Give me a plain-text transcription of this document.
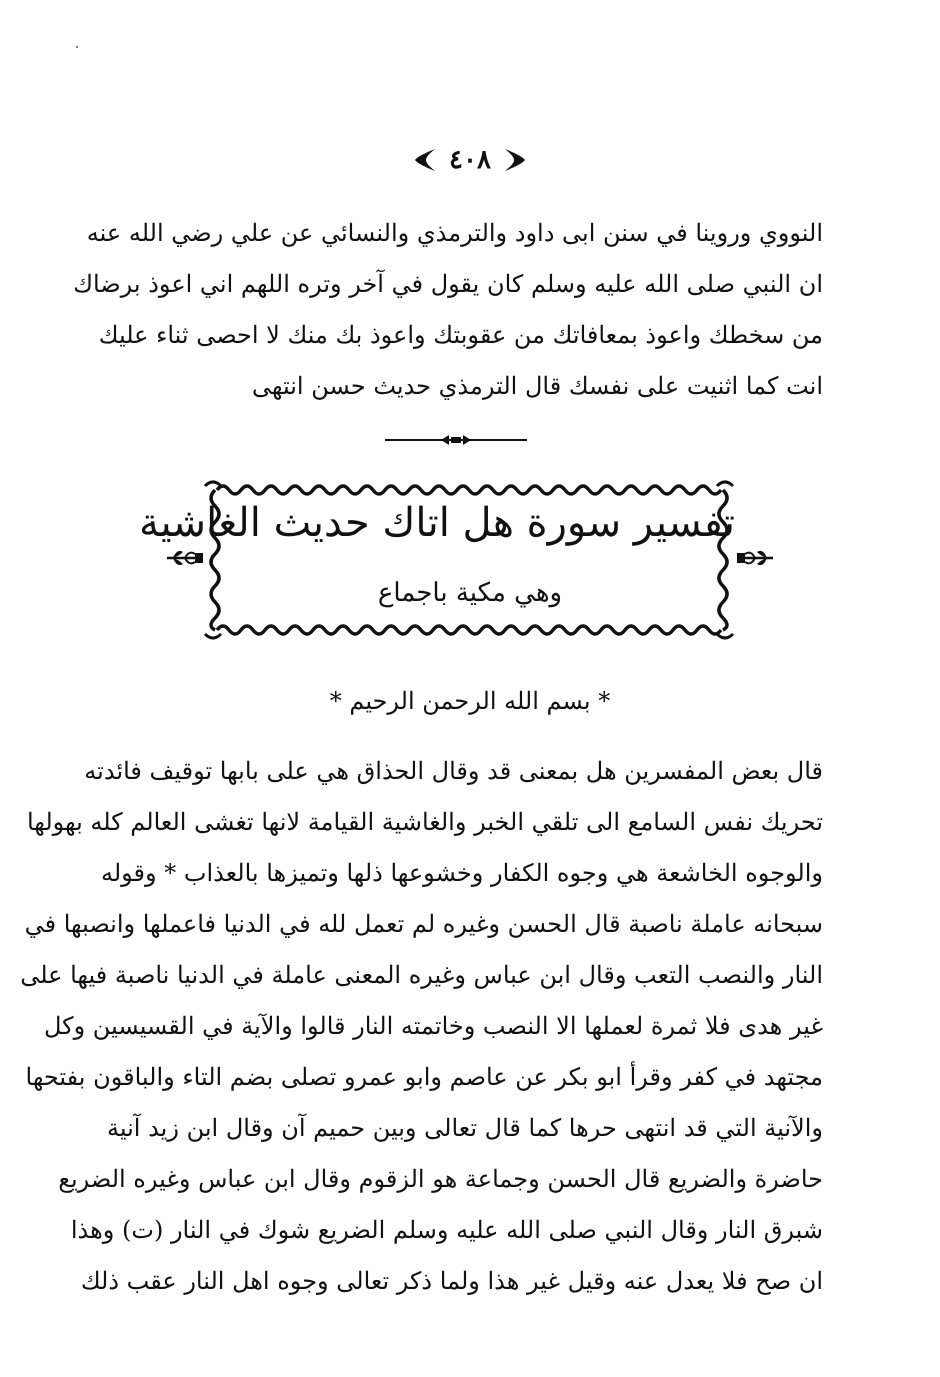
٤٠٨
النووي وروينا في سنن ابى داود والترمذي والنسائي عن علي رضي الله عنه
ان النبي صلى الله عليه وسلم كان يقول في آخر وتره اللهم اني اعوذ برضاك
من سخطك واعوذ بمعافاتك من عقوبتك واعوذ بك منك لا احصى ثناء عليك
انت كما اثنيت على نفسك قال الترمذي حديث حسن انتهى
تفسير سورة هل اتاك حديث الغاشية
وهي مكية باجماع
* بسم الله الرحمن الرحيم *
قال بعض المفسرين هل بمعنى قد وقال الحذاق هي على بابها توقيف فائدته
تحريك نفس السامع الى تلقي الخبر والغاشية القيامة لانها تغشى العالم كله بهولها
والوجوه الخاشعة هي وجوه الكفار وخشوعها ذلها وتميزها بالعذاب * وقوله
سبحانه عاملة ناصبة قال الحسن وغيره لم تعمل لله في الدنيا فاعملها وانصبها في
النار والنصب التعب وقال ابن عباس وغيره المعنى عاملة في الدنيا ناصبة فيها على
غير هدى فلا ثمرة لعملها الا النصب وخاتمته النار قالوا والآية في القسيسين وكل
مجتهد في كفر وقرأ ابو بكر عن عاصم وابو عمرو تصلى بضم التاء والباقون بفتحها
والآنية التي قد انتهى حرها كما قال تعالى وبين حميم آن وقال ابن زيد آنية
حاضرة والضريع قال الحسن وجماعة هو الزقوم وقال ابن عباس وغيره الضريع
شبرق النار وقال النبي صلى الله عليه وسلم الضريع شوك في النار (ت) وهذا
ان صح فلا يعدل عنه وقيل غير هذا ولما ذكر تعالى وجوه اهل النار عقب ذلك
